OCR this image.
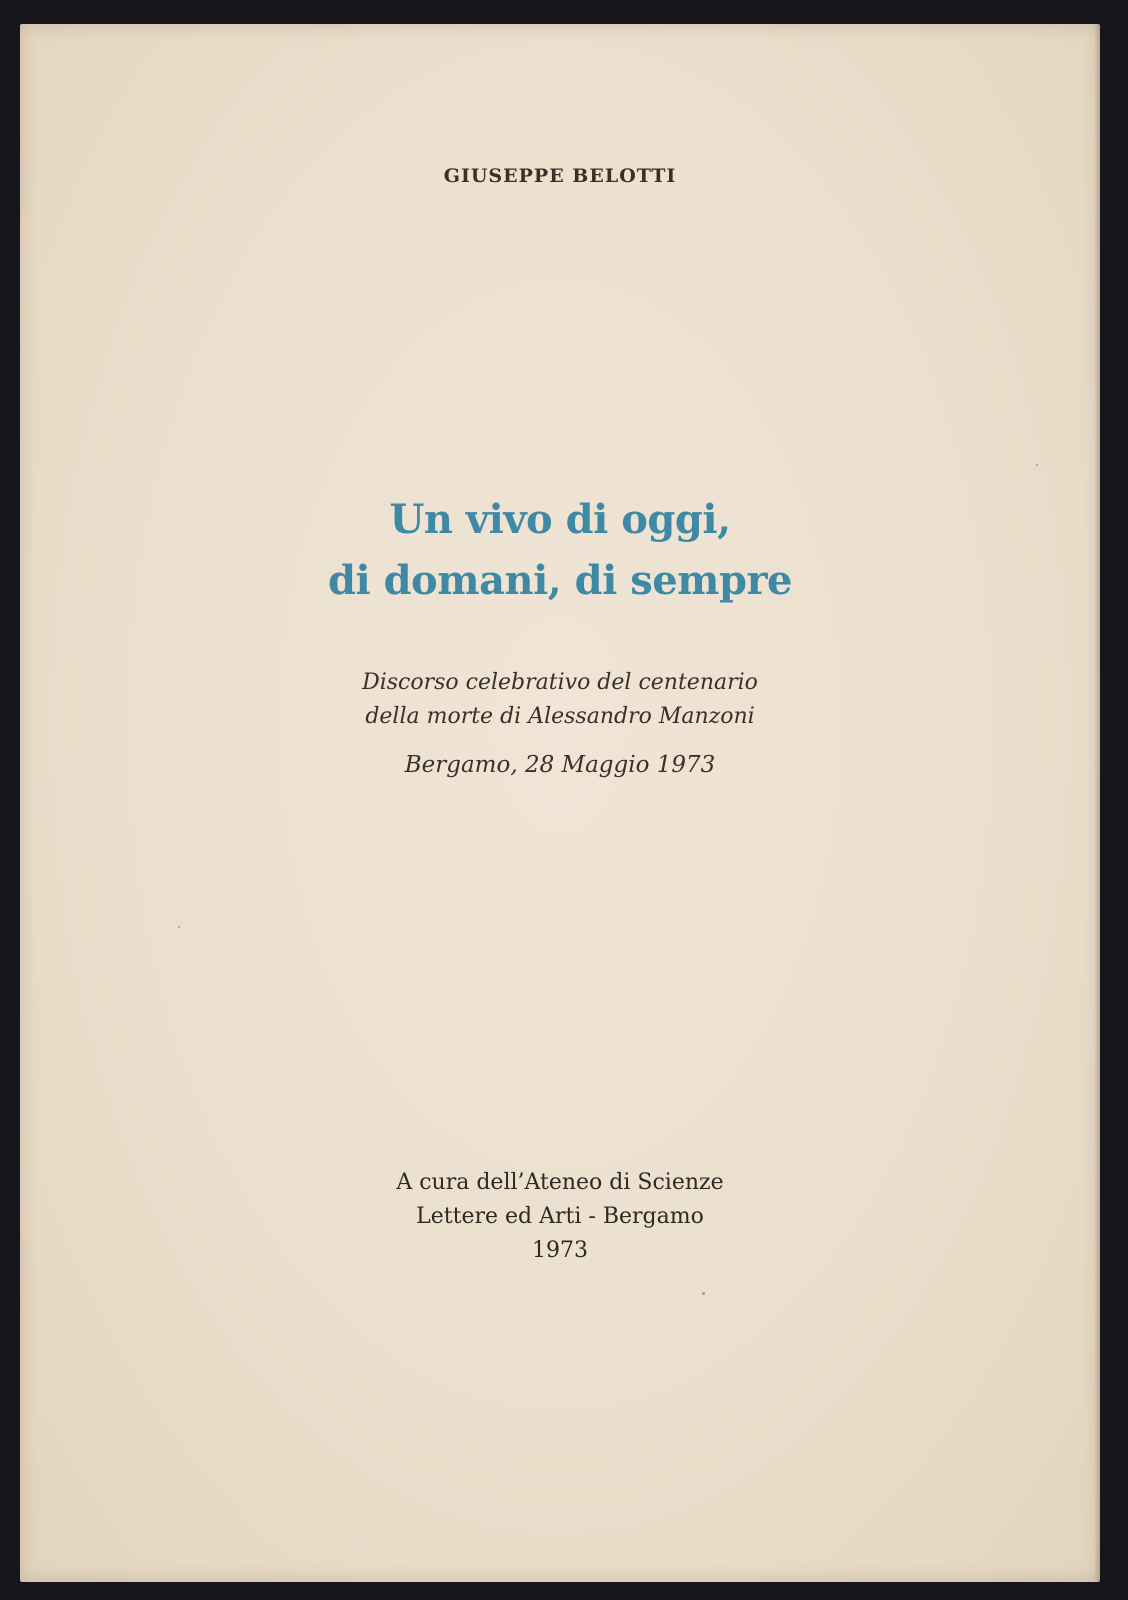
GIUSEPPE BELOTTI
Un vivo di oggi,
di domani, di sempre
Discorso celebrativo del centenario
della morte di Alessandro Manzoni
Bergamo, 28 Maggio 1973
A cura dell’Ateneo di Scienze
Lettere ed Arti - Bergamo
1973
